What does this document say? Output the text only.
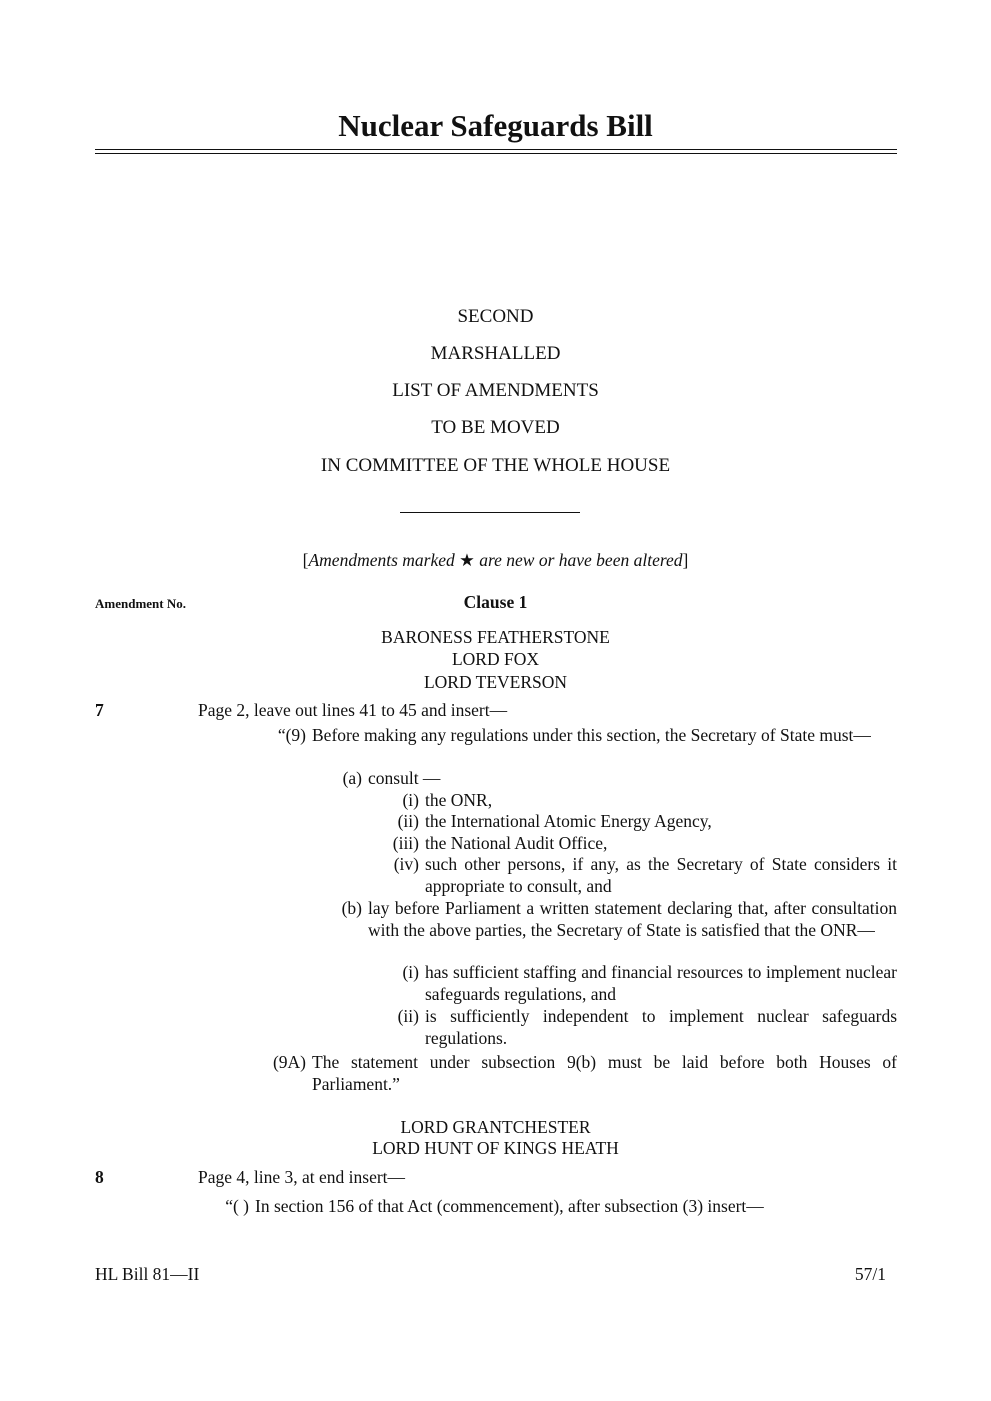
Nuclear Safeguards Bill
SECOND
MARSHALLED
LIST OF AMENDMENTS
TO BE MOVED
IN COMMITTEE OF THE WHOLE HOUSE
[Amendments marked ★ are new or have been altered]
Amendment No.	Clause 1
BARONESS FEATHERSTONE
LORD FOX
LORD TEVERSON
7	Page 2, leave out lines 41 to 45 and insert—
“(9) Before making any regulations under this section, the Secretary of State must—
(a) consult —
(i) the ONR,
(ii) the International Atomic Energy Agency,
(iii) the National Audit Office,
(iv) such other persons, if any, as the Secretary of State considers it appropriate to consult, and
(b) lay before Parliament a written statement declaring that, after consultation with the above parties, the Secretary of State is satisfied that the ONR—
(i) has sufficient staffing and financial resources to implement nuclear safeguards regulations, and
(ii) is sufficiently independent to implement nuclear safeguards regulations.
(9A) The statement under subsection 9(b) must be laid before both Houses of Parliament.”
LORD GRANTCHESTER
LORD HUNT OF KINGS HEATH
8	Page 4, line 3, at end insert—
“( ) In section 156 of that Act (commencement), after subsection (3) insert—
HL Bill 81—II	57/1
